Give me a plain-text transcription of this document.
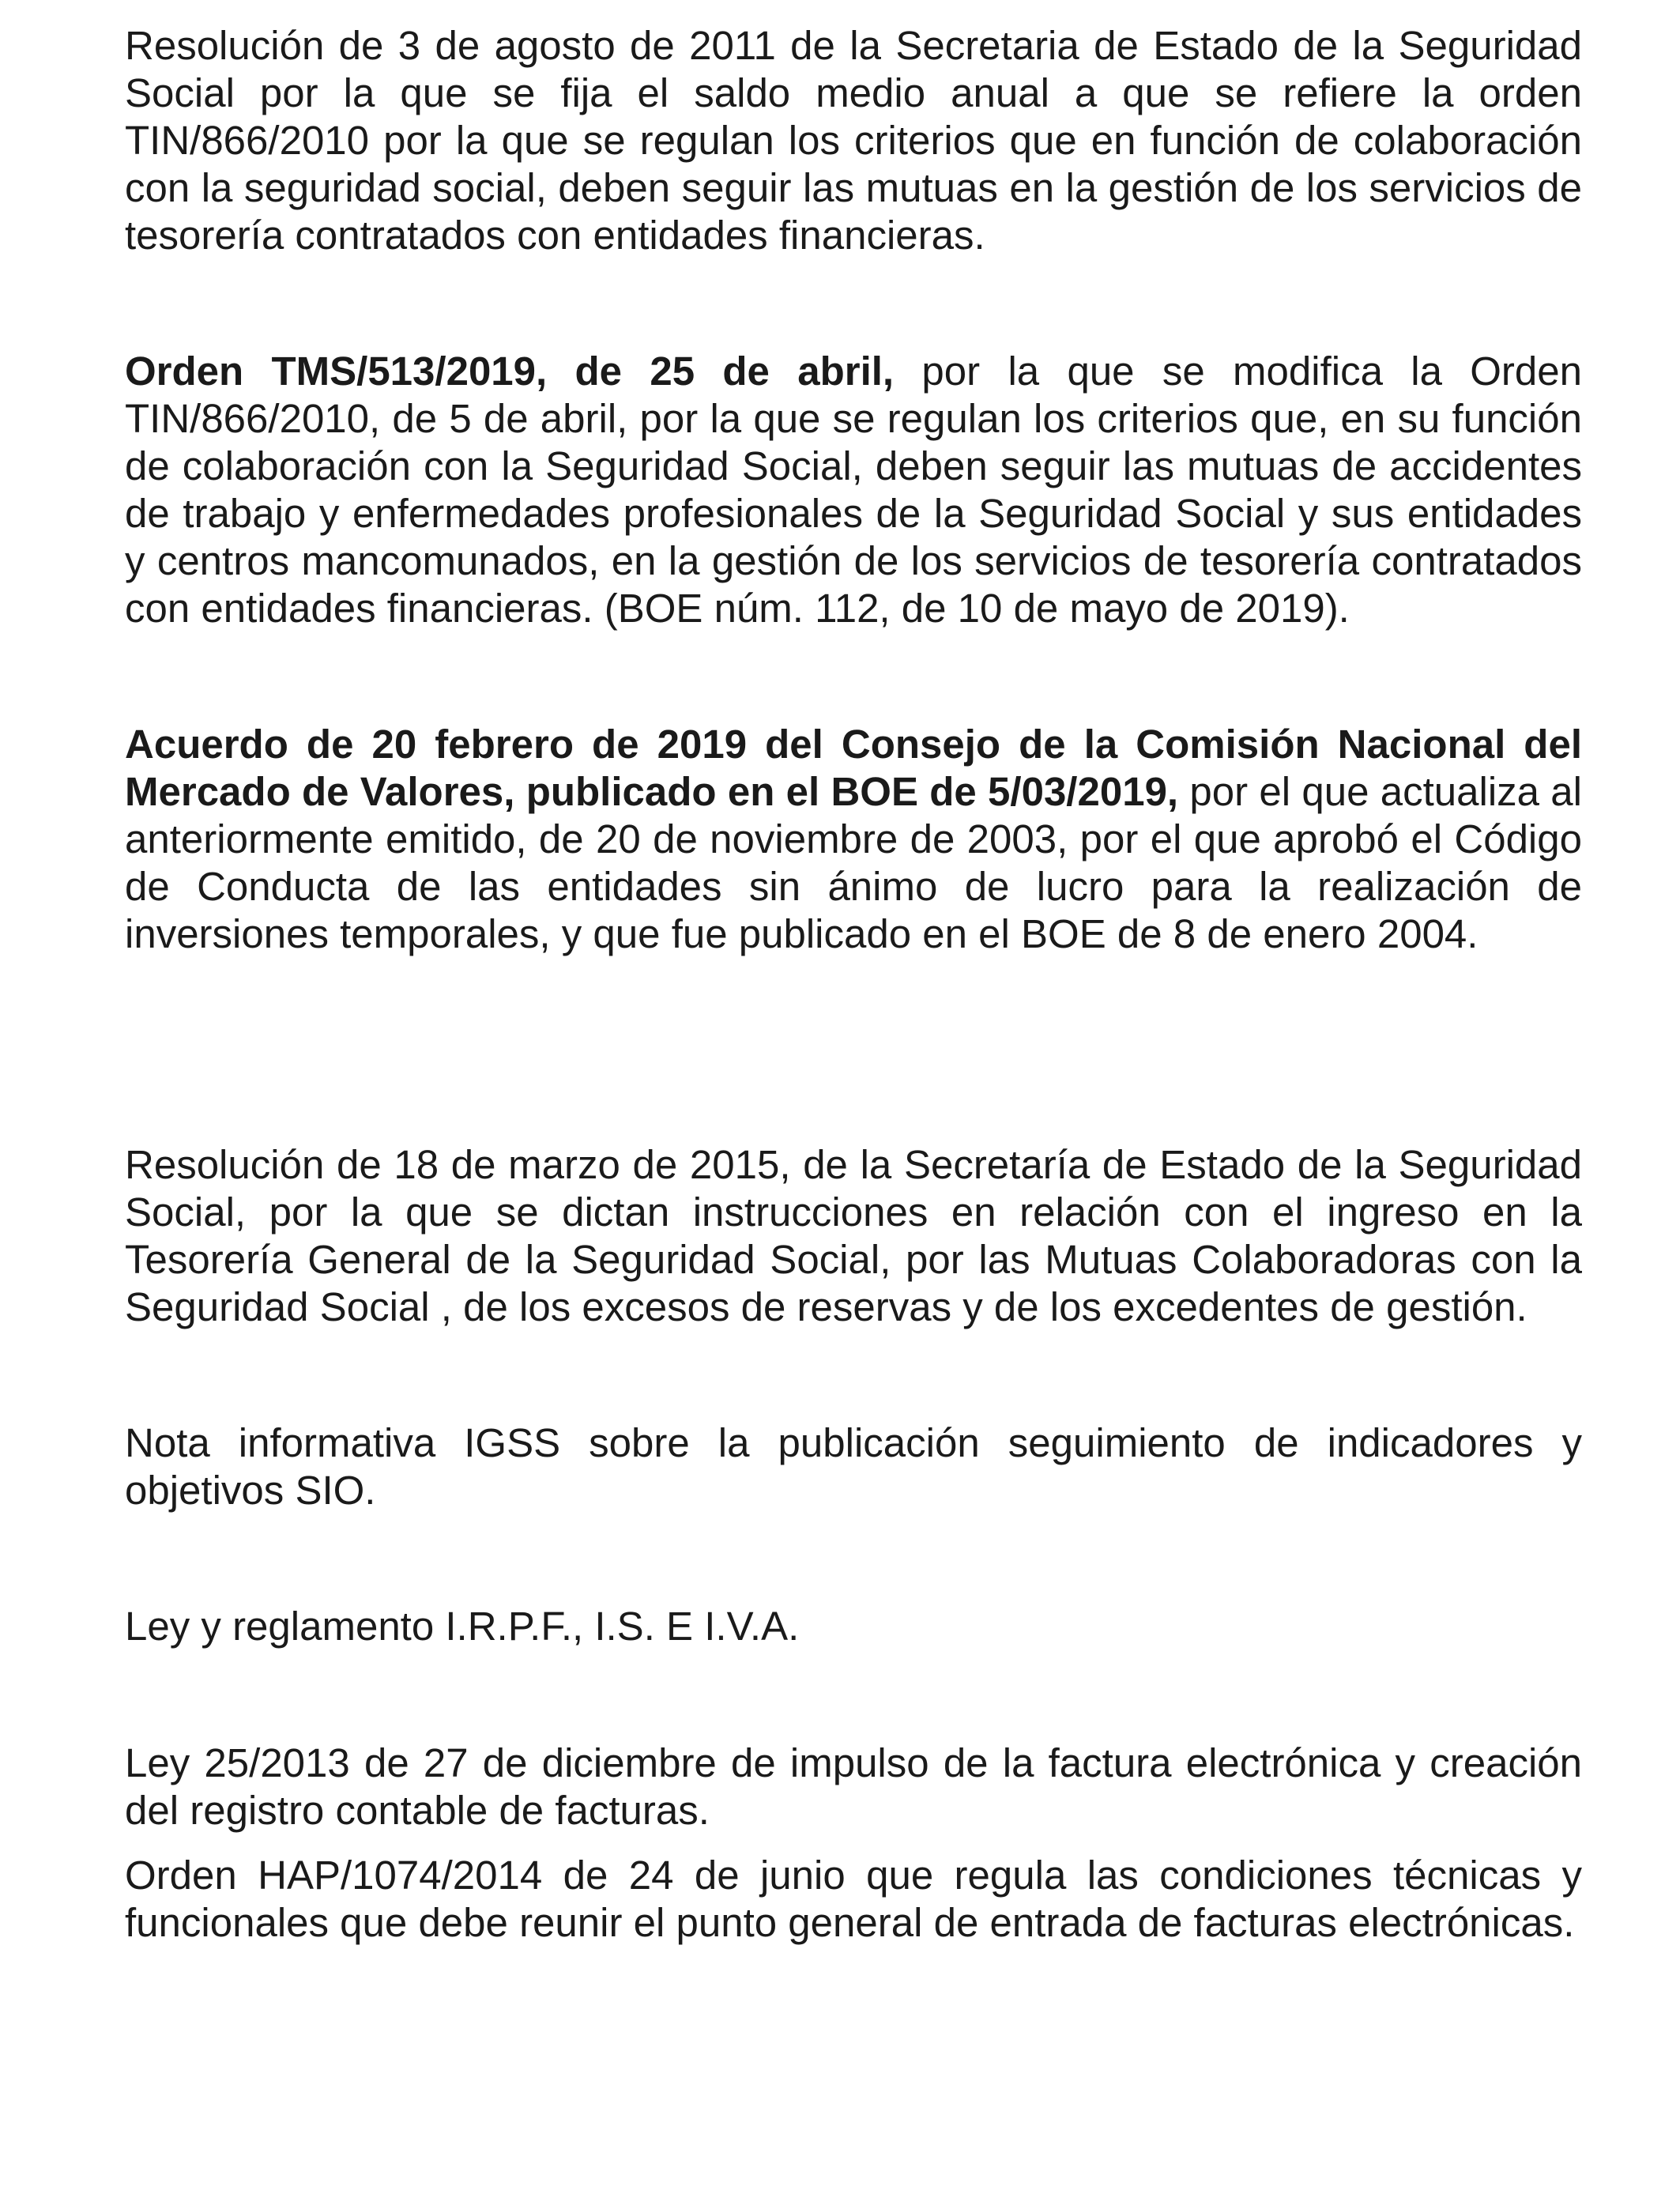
Resolución de 3 de agosto de 2011 de la Secretaria de Estado de la Seguridad Social por la que se fija el saldo medio anual a que se refiere la orden TIN/866/2010 por la que se regulan los criterios que en función de colaboración con la seguridad social, deben seguir las mutuas en la gestión de los servicios de tesorería contratados con entidades financieras.

Orden TMS/513/2019, de 25 de abril, por la que se modifica la Orden TIN/866/2010, de 5 de abril, por la que se regulan los criterios que, en su función de colaboración con la Seguridad Social, deben seguir las mutuas de accidentes de trabajo y enfermedades profesionales de la Seguridad Social y sus entidades y centros mancomunados, en la gestión de los servicios de tesorería contratados con entidades financieras. (BOE núm. 112, de 10 de mayo de 2019).

Acuerdo de 20 febrero de 2019 del Consejo de la Comisión Nacional del Mercado de Valores, publicado en el BOE de 5/03/2019, por el que actualiza al anteriormente emitido, de 20 de noviembre de 2003, por el que aprobó el Código de Conducta de las entidades sin ánimo de lucro para la realización de inversiones temporales, y que fue publicado en el BOE de 8 de enero 2004.

Resolución de 18 de marzo de 2015, de la Secretaría de Estado de la Seguridad Social, por la que se dictan instrucciones en relación con el ingreso en la Tesorería General de la Seguridad Social, por las Mutuas Colaboradoras con la Seguridad Social , de los excesos de reservas y de los excedentes de gestión.

Nota informativa IGSS sobre la publicación seguimiento de indicadores y objetivos SIO.

Ley y reglamento I.R.P.F., I.S. E I.V.A.

Ley 25/2013 de 27 de diciembre de impulso de la factura electrónica y creación del registro contable de facturas.

Orden HAP/1074/2014 de 24 de junio que regula las condiciones técnicas y funcionales que debe reunir el punto general de entrada de facturas electrónicas.
